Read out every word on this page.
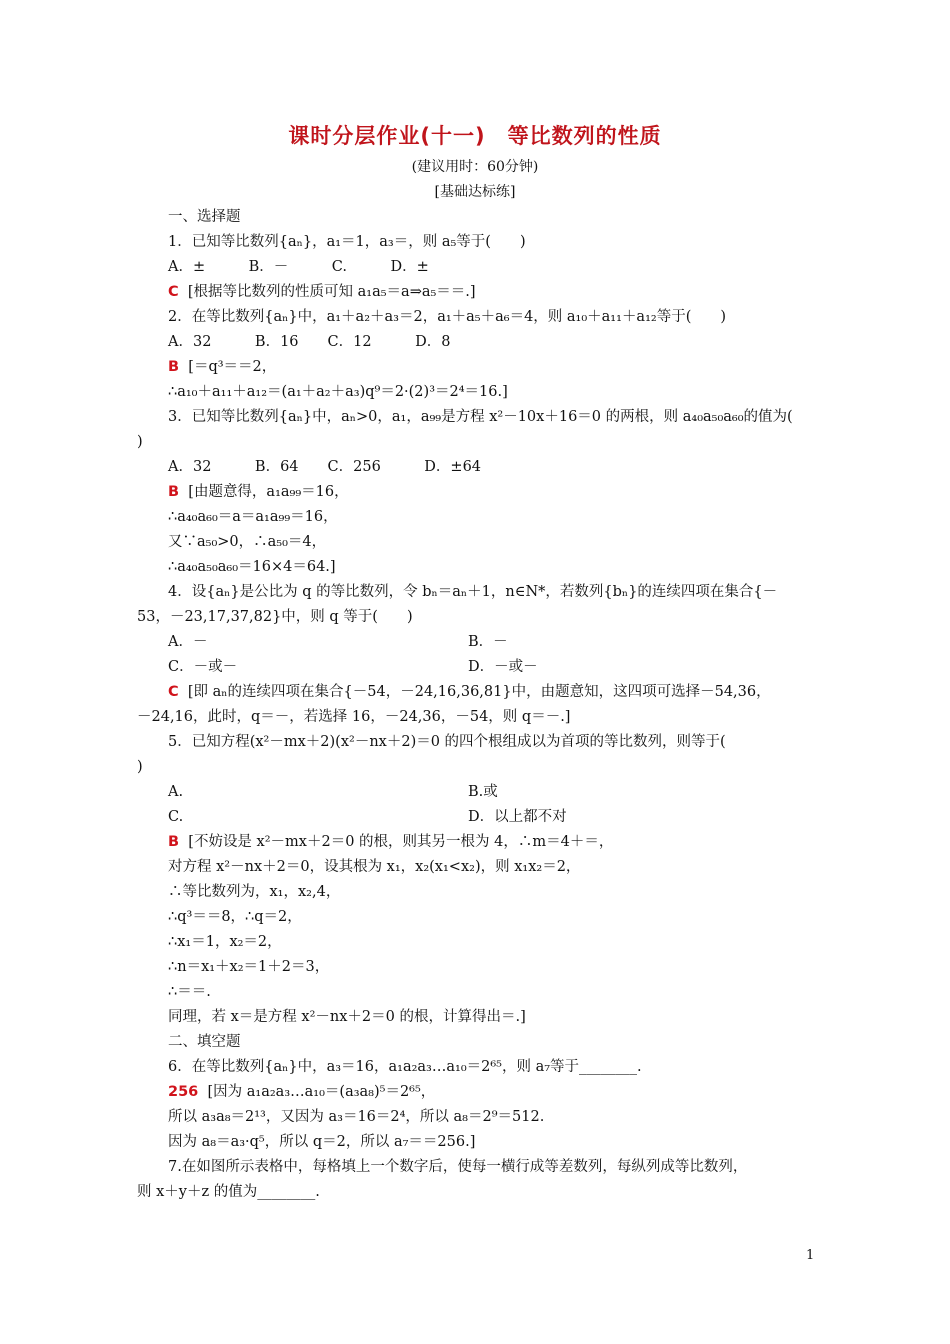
课时分层作业(十一)　等比数列的性质
(建议用时：60分钟)
[基础达标练]
一、选择题
1．已知等比数列{aₙ}，a₁＝1，a₃＝，则 a₅等于(　　)
A．±　　　B．－　　　C.　　　D．±
C  [根据等比数列的性质可知 a₁a₅＝a⇒a₅＝＝.]
2．在等比数列{aₙ}中，a₁＋a₂＋a₃＝2，a₁＋a₅＋a₆＝4，则 a₁₀＋a₁₁＋a₁₂等于(　　)
A．32　　　B．16　　C．12　　　D．8
B  [＝q³＝＝2，
∴a₁₀＋a₁₁＋a₁₂＝(a₁＋a₂＋a₃)q⁹＝2·(2)³＝2⁴＝16.]
3．已知等比数列{aₙ}中，aₙ>0，a₁，a₉₉是方程 x²－10x＋16＝0 的两根，则 a₄₀a₅₀a₆₀的值为(
)
A．32　　　B．64　　C．256　　　D．±64
B  [由题意得，a₁a₉₉＝16，
∴a₄₀a₆₀＝a＝a₁a₉₉＝16，
又∵a₅₀>0，∴a₅₀＝4，
∴a₄₀a₅₀a₆₀＝16×4＝64.]
4．设{aₙ}是公比为 q 的等比数列，令 bₙ＝aₙ＋1，n∈N*，若数列{bₙ}的连续四项在集合{－
53，－23,17,37,82}中，则 q 等于(　　)
A．－	B．－
C．－或－	D．－或－
C  [即 aₙ的连续四项在集合{－54，－24,16,36,81}中，由题意知，这四项可选择－54,36，
－24,16，此时，q＝－，若选择 16，－24,36，－54，则 q＝－.]
5．已知方程(x²－mx＋2)(x²－nx＋2)＝0 的四个根组成以为首项的等比数列，则等于(
)
A.	B.或
C.	D．以上都不对
B  [不妨设是 x²－mx＋2＝0 的根，则其另一根为 4，∴m＝4＋＝，
对方程 x²－nx＋2＝0，设其根为 x₁，x₂(x₁<x₂)，则 x₁x₂＝2，
∴等比数列为，x₁，x₂,4，
∴q³＝＝8，∴q＝2，
∴x₁＝1，x₂＝2，
∴n＝x₁＋x₂＝1＋2＝3，
∴＝＝.
同理，若 x＝是方程 x²－nx＋2＝0 的根，计算得出＝.]
二、填空题
6．在等比数列{aₙ}中，a₃＝16，a₁a₂a₃…a₁₀＝2⁶⁵，则 a₇等于________.
256  [因为 a₁a₂a₃…a₁₀＝(a₃a₈)⁵＝2⁶⁵，
所以 a₃a₈＝2¹³，又因为 a₃＝16＝2⁴，所以 a₈＝2⁹＝512.
因为 a₈＝a₃·q⁵，所以 q＝2，所以 a₇＝＝256.]
7.在如图所示表格中，每格填上一个数字后，使每一横行成等差数列，每纵列成等比数列，
则 x＋y＋z 的值为________.
1
